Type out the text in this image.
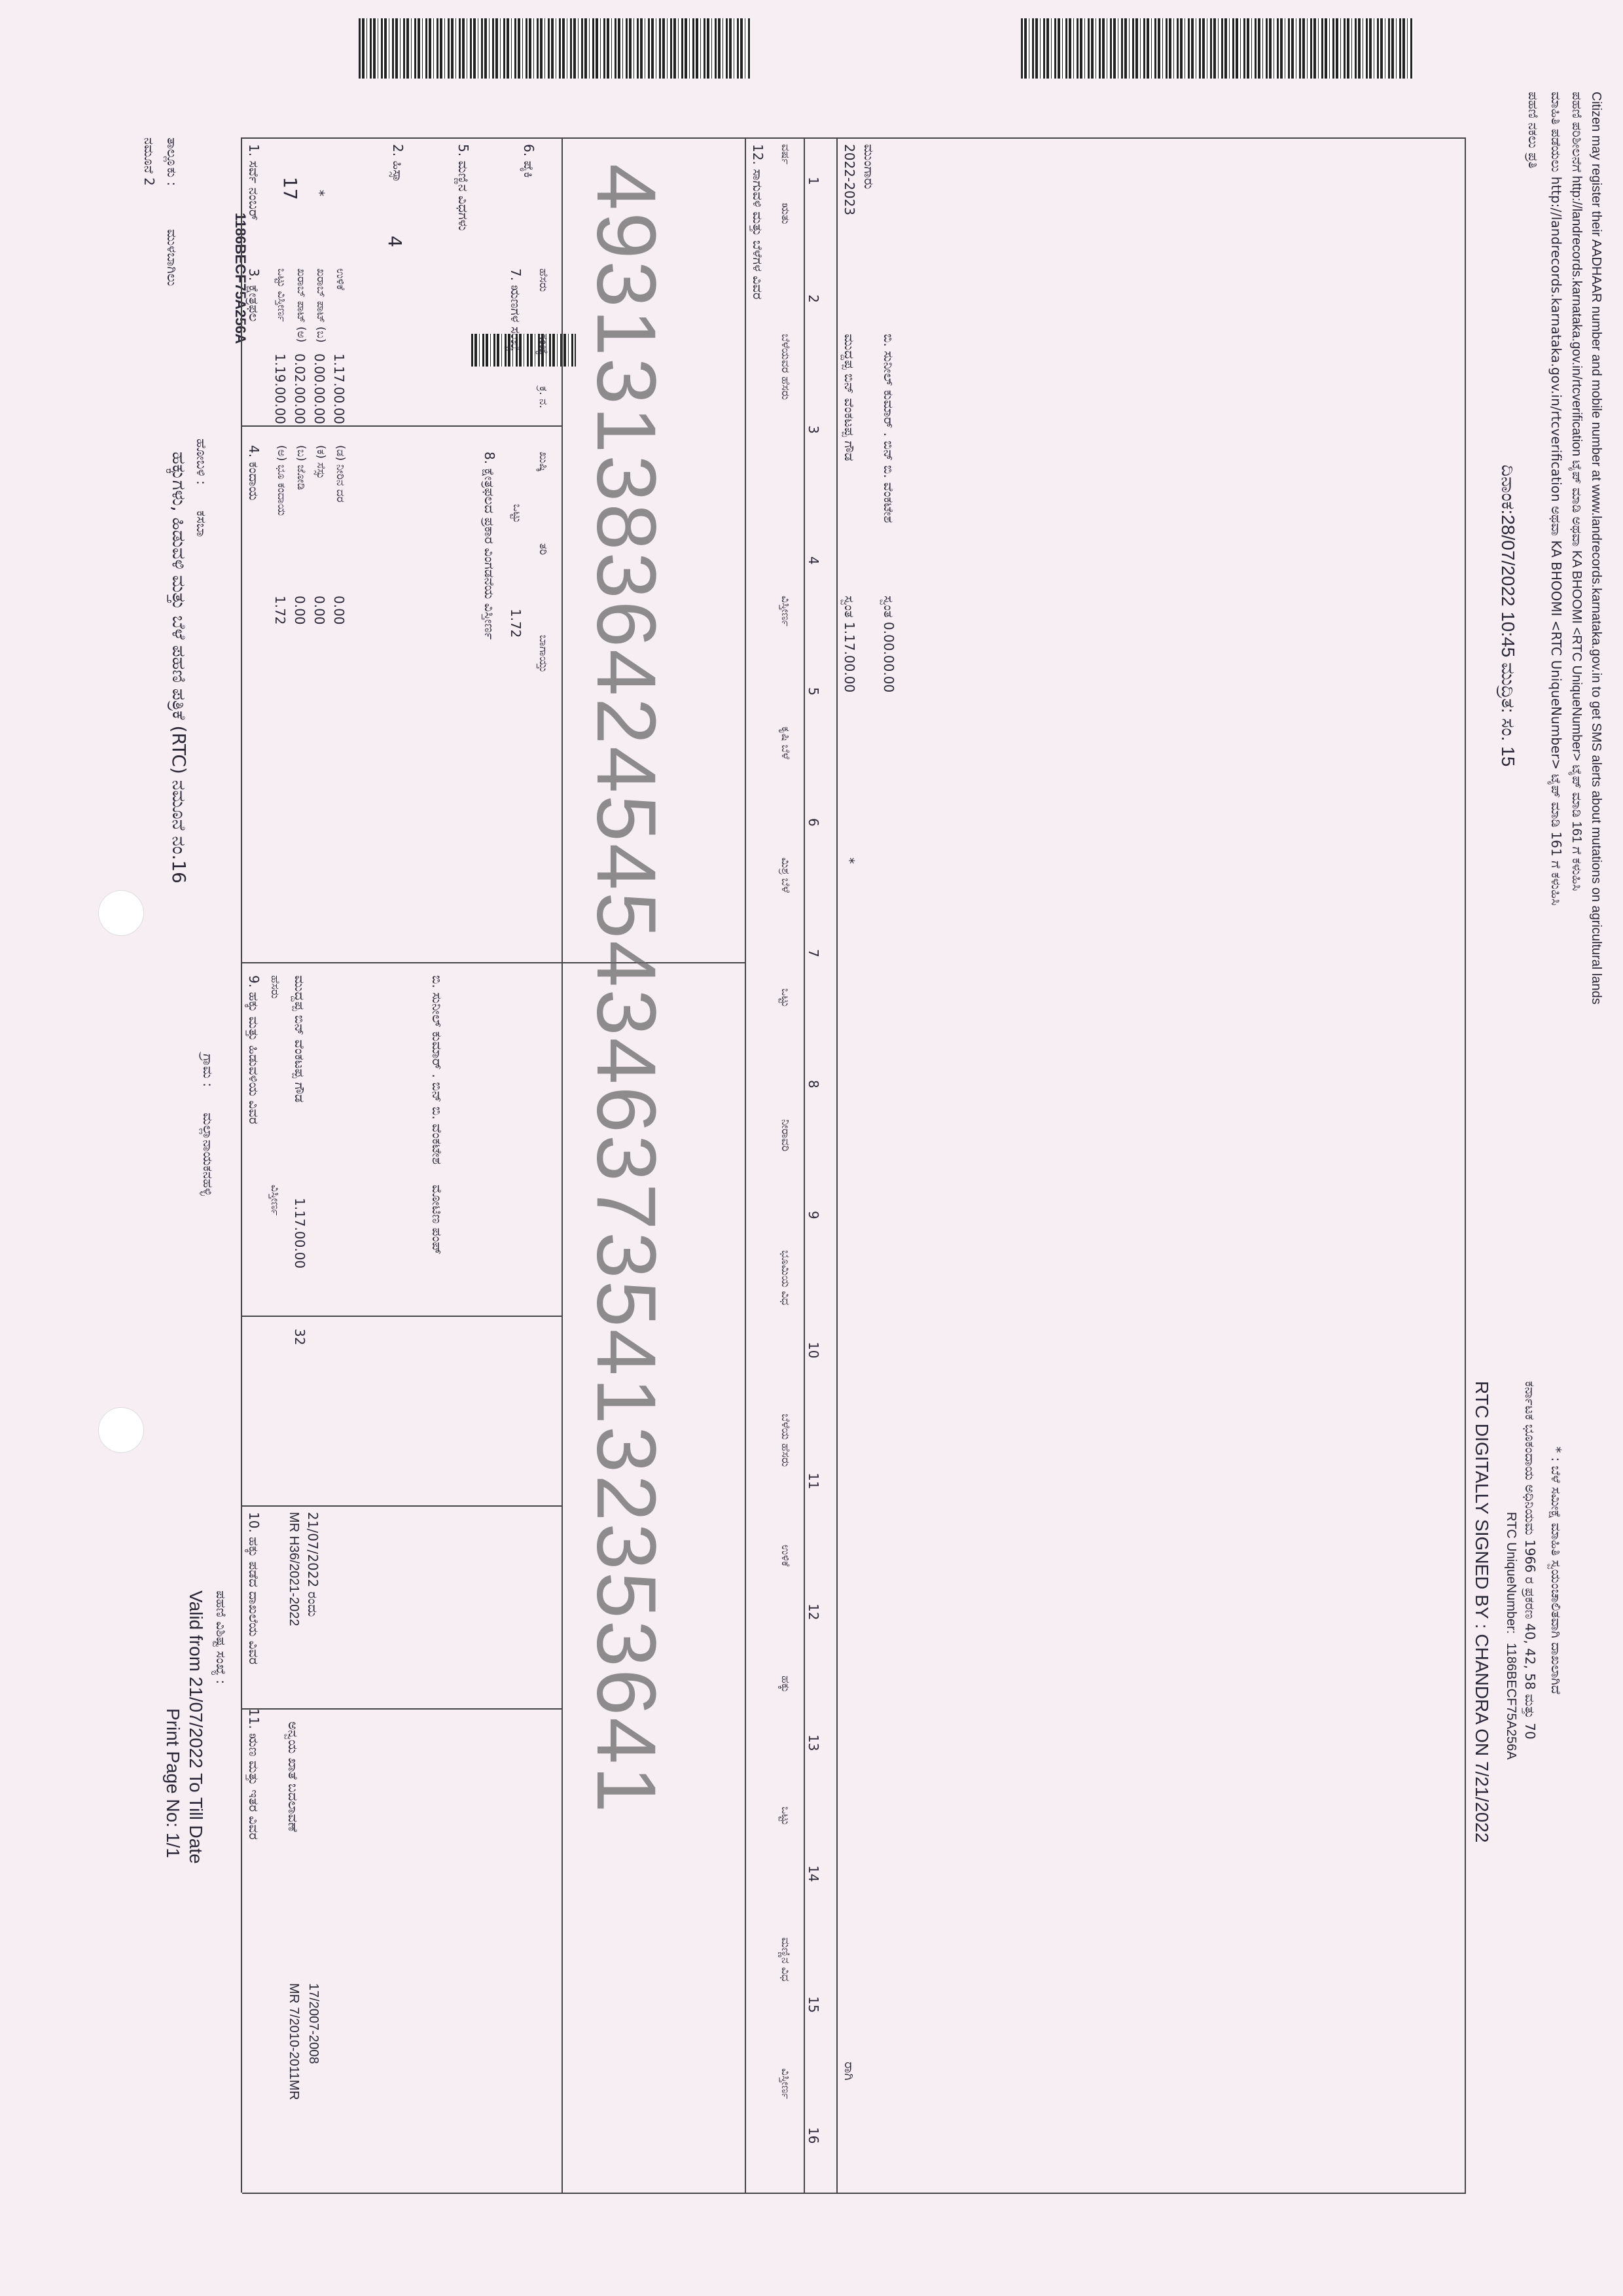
ನಮೂನೆ 2 ತಾಲ್ಲೂಕು :
ಮುಳಬಾಗಿಲು
ಹೋಬಳಿ :
ಕಸಬಾ
ಗ್ರಾಮ :
ಮಲ್ಲಾನಾಯಕನಹಳ್ಳಿ
ಹಕ್ಕುಗಳು, ಹಿಡುವಳಿ ಮತ್ತು ಬೆಳೆ ಪಹಣಿ ಪತ್ರಿಕೆ (RTC) ನಮೂನೆ ನಂ.16
1186BECF75A256A
Print Page No: 1/1 Valid from 21/07/2022 To Till Date ಪಹಣಿ ವಿಶಿಷ್ಟ ಸಂಖ್ಯೆ :
1. ಸರ್ವೆ ನಂಬರ್ 17 *
2. ಹಿಸ್ಸಾ
4
5. ಮಣ್ಣಿನ ವಿಧಗಳು	6. ಪೈಕಿ
3. ಕ್ಷೇತ್ರಫಲ
4. ಕಂದಾಯ
7. ಋಣಗಳ ಸಂಖ್ಯೆ
8. ಕ್ಷೇತ್ರಫಲದ ಪ್ರಕಾರ ವಿಂಗಡನೆಯ ವಿಸ್ತೀರ್ಣ
ಹೆಸರು
ಸಂಖ್ಯೆ
ಕ್ರ. ನ.
ಖುಷ್ಕಿ
ತರಿ
ಬಾಗಾಯ್ತು
ಒಟ್ಟು
1.72
ಒಟ್ಟು ವಿಸ್ತೀರ್ಣ
1.19.00.00
ಖರಾಬ್ ಪಾಟ್ (ಅ)
0.02.00.00
ಖರಾಬ್ ಪಾಟ್ (ಬ)
0.00.00.00
ಉಳಿಕೆ
1.17.00.00
(ಅ) ಭೂ ಕಂದಾಯ
1.72
(ಬ) ಜೋಡಿ
0.00
(ಕ) ಸೆಸ್ಸು
0.00
(ಡ) ನೀರಿನ ದರ
0.00
9. ಹಕ್ಕು ಮತ್ತು ಹಿಡುವಳಿಯ ವಿವರ ಹೆಸರು
ವಿಸ್ತೀರ್ಣ
ಮುದ್ದಪ್ಪ ಬಿನ್ ವೆಂಕಟಪ್ಪ ಗೌಡ
1.17.00.00
32
ಬಿ. ಸುನೀಲ್ ಕುಮಾರ್ . ಬಿನ್ ಬಿ. ವೆಂಕಟೇಶ
ಮೋಟಿಣ ಪಂಪ್
10. ಹಕ್ಕು ಪಡೆದ ದಾಖಲೆಯ ವಿವರ MR H36/2021-2022 21/07/2022 ರಂದು
11. ಋಣ ಮತ್ತು ಇತರ ವಿವರ ಅನ್ವಯ ಖಾತೆ ಬದಲಾವಣೆ
MR 7/2010-2011MR 17/2007-2008
12. ಸಾಗುವಳಿ ಮತ್ತು ಬೆಳೆಗಳ ವಿವರ ವರ್ಷ
ಋತು
ಬೆಳೆಯವರ ಹೆಸರು
ವಿಸ್ತೀರ್ಣ
ಕೃಷಿ ಬೆಳೆ
ಮಿಶ್ರ ಬೆಳೆ
ಒಟ್ಟು
ನೀರಾವರಿ
ಭೂಮಿಯ ವಿಧ
ಬೆಳೆಯ ಹೆಸರು
ಉಳಿಕೆ
ಹಕ್ಕು
ಒಟ್ಟು
ಮಣ್ಣಿನ ವಿಧ
ವಿಸ್ತೀರ್ಣ
1
2
3
4
5
6
7
8
9
10
11
12
13
14
15
16
2022-2023 ಮುಂಗಾರು
ಮುದ್ದಪ್ಪ ಬಿನ್ ವೆಂಕಟಪ್ಪ ಗೌಡ ಬಿ. ಸುನೀಲ್ ಕುಮಾರ್ . ಬಿನ್ ಬಿ. ವೆಂಕಟೇಶ
ಸ್ವಂತ 1.17.00.00 ಸ್ವಂತ 0.00.00.00
*
ರಾಗಿ
4931313836424545434637354132353641	RTC DIGITALLY SIGNED BY : CHANDRA ON 7/21/2022 RTC UniqueNumber:
1186BECF75A256A
ದಿನಾಂಕ:28/07/2022 10:45 ಮುದ್ರಿತ: ಸಂ. 15
ಕರ್ನಾಟಕ ಭೂಕಂದಾಯ ಅಧಿನಿಯಮ 1966 ರ ಪ್ರಕರಣ 40, 42, 58 ಮತ್ತು 70
ಮಾಹಿತಿ ಪಡೆಯಲು http://landrecords.karnataka.gov.in/rtcverification ಅಥವಾ KA BHOOMI <RTC UniqueNumber> ಟೈಪ್ ಮಾಡಿ 161 ಗೆ ಕಳುಹಿಸಿ ಪಹಣಿ ಪರಿಶೀಲನೆಗೆ http://landrecords.karnataka.gov.in/rtcverification ಟೈಪ್ ಮಾಡಿ ಅಥವಾ KA BHOOMI <RTC UniqueNumber> ಟೈಪ್ ಮಾಡಿ 161 ಗೆ ಕಳುಹಿಸಿ Citizen may register their AADHAAR number and mobile number at www.landrecords.karnataka.gov.in to get SMS alerts about mutations on agricultural lands
* : ಬೆಳೆ ಸಮೀಕ್ಷೆ ಮಾಹಿತಿ ಸ್ವಯಂಚಾಲಿತವಾಗಿ ದಾಖಲಾಗಿದೆ
ಪಹಣಿ ನಕಲು ಪ್ರತಿ
